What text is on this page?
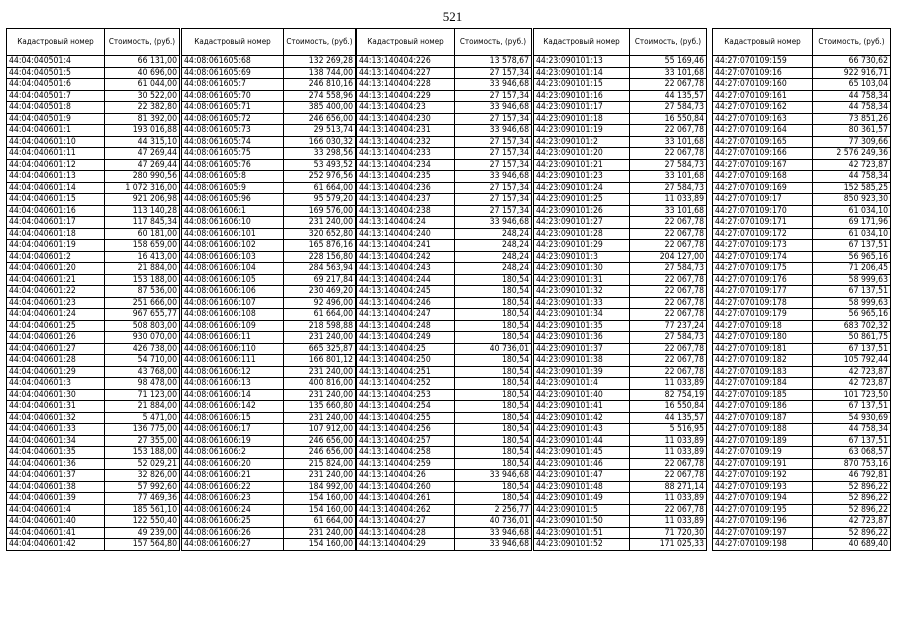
521
Кадастровый номер	Стоимость, (руб.)
44:04:040501:4	66 131,00
44:04:040501:5	40 696,00
44:04:040501:6	61 044,00
44:04:040501:7	30 522,00
44:04:040501:8	22 382,80
44:04:040501:9	81 392,00
44:04:040601:1	193 016,88
44:04:040601:10	44 315,10
44:04:040601:11	47 269,44
44:04:040601:12	47 269,44
44:04:040601:13	280 990,56
44:04:040601:14	1 072 316,00
44:04:040601:15	921 206,98
44:04:040601:16	113 140,28
44:04:040601:17	117 845,34
44:04:040601:18	60 181,00
44:04:040601:19	158 659,00
44:04:040601:2	16 413,00
44:04:040601:20	21 884,00
44:04:040601:21	153 188,00
44:04:040601:22	87 536,00
44:04:040601:23	251 666,00
44:04:040601:24	967 655,77
44:04:040601:25	508 803,00
44:04:040601:26	930 070,00
44:04:040601:27	426 738,00
44:04:040601:28	54 710,00
44:04:040601:29	43 768,00
44:04:040601:3	98 478,00
44:04:040601:30	71 123,00
44:04:040601:31	21 884,00
44:04:040601:32	5 471,00
44:04:040601:33	136 775,00
44:04:040601:34	27 355,00
44:04:040601:35	153 188,00
44:04:040601:36	52 029,21
44:04:040601:37	32 826,00
44:04:040601:38	57 992,60
44:04:040601:39	77 469,36
44:04:040601:4	185 561,10
44:04:040601:40	122 550,40
44:04:040601:41	49 239,00
44:04:040601:42	157 564,80
Кадастровый номер	Стоимость, (руб.)
44:08:061605:68	132 269,28
44:08:061605:69	138 744,00
44:08:061605:7	246 810,16
44:08:061605:70	274 558,96
44:08:061605:71	385 400,00
44:08:061605:72	246 656,00
44:08:061605:73	29 513,74
44:08:061605:74	166 030,32
44:08:061605:75	33 298,56
44:08:061605:76	53 493,52
44:08:061605:8	252 976,56
44:08:061605:9	61 664,00
44:08:061605:96	95 579,20
44:08:061606:1	169 576,00
44:08:061606:10	231 240,00
44:08:061606:101	320 652,80
44:08:061606:102	165 876,16
44:08:061606:103	228 156,80
44:08:061606:104	284 563,94
44:08:061606:105	69 217,84
44:08:061606:106	230 469,20
44:08:061606:107	92 496,00
44:08:061606:108	61 664,00
44:08:061606:109	218 598,88
44:08:061606:11	231 240,00
44:08:061606:110	665 325,87
44:08:061606:111	166 801,12
44:08:061606:12	231 240,00
44:08:061606:13	400 816,00
44:08:061606:14	231 240,00
44:08:061606:142	135 660,80
44:08:061606:15	231 240,00
44:08:061606:17	107 912,00
44:08:061606:19	246 656,00
44:08:061606:2	246 656,00
44:08:061606:20	215 824,00
44:08:061606:21	231 240,00
44:08:061606:22	184 992,00
44:08:061606:23	154 160,00
44:08:061606:24	154 160,00
44:08:061606:25	61 664,00
44:08:061606:26	231 240,00
44:08:061606:27	154 160,00
Кадастровый номер	Стоимость, (руб.)
44:13:140404:226	13 578,67
44:13:140404:227	27 157,34
44:13:140404:228	33 946,68
44:13:140404:229	27 157,34
44:13:140404:23	33 946,68
44:13:140404:230	27 157,34
44:13:140404:231	33 946,68
44:13:140404:232	27 157,34
44:13:140404:233	27 157,34
44:13:140404:234	27 157,34
44:13:140404:235	33 946,68
44:13:140404:236	27 157,34
44:13:140404:237	27 157,34
44:13:140404:238	27 157,34
44:13:140404:24	33 946,68
44:13:140404:240	248,24
44:13:140404:241	248,24
44:13:140404:242	248,24
44:13:140404:243	248,24
44:13:140404:244	180,54
44:13:140404:245	180,54
44:13:140404:246	180,54
44:13:140404:247	180,54
44:13:140404:248	180,54
44:13:140404:249	180,54
44:13:140404:25	40 736,01
44:13:140404:250	180,54
44:13:140404:251	180,54
44:13:140404:252	180,54
44:13:140404:253	180,54
44:13:140404:254	180,54
44:13:140404:255	180,54
44:13:140404:256	180,54
44:13:140404:257	180,54
44:13:140404:258	180,54
44:13:140404:259	180,54
44:13:140404:26	33 946,68
44:13:140404:260	180,54
44:13:140404:261	180,54
44:13:140404:262	2 256,77
44:13:140404:27	40 736,01
44:13:140404:28	33 946,68
44:13:140404:29	33 946,68
Кадастровый номер	Стоимость, (руб.)
44:23:090101:13	55 169,46
44:23:090101:14	33 101,68
44:23:090101:15	22 067,78
44:23:090101:16	44 135,57
44:23:090101:17	27 584,73
44:23:090101:18	16 550,84
44:23:090101:19	22 067,78
44:23:090101:2	33 101,68
44:23:090101:20	22 067,78
44:23:090101:21	27 584,73
44:23:090101:23	33 101,68
44:23:090101:24	27 584,73
44:23:090101:25	11 033,89
44:23:090101:26	33 101,68
44:23:090101:27	22 067,78
44:23:090101:28	22 067,78
44:23:090101:29	22 067,78
44:23:090101:3	204 127,00
44:23:090101:30	27 584,73
44:23:090101:31	22 067,78
44:23:090101:32	22 067,78
44:23:090101:33	22 067,78
44:23:090101:34	22 067,78
44:23:090101:35	77 237,24
44:23:090101:36	27 584,73
44:23:090101:37	22 067,78
44:23:090101:38	22 067,78
44:23:090101:39	22 067,78
44:23:090101:4	11 033,89
44:23:090101:40	82 754,19
44:23:090101:41	16 550,84
44:23:090101:42	44 135,57
44:23:090101:43	5 516,95
44:23:090101:44	11 033,89
44:23:090101:45	11 033,89
44:23:090101:46	22 067,78
44:23:090101:47	22 067,78
44:23:090101:48	88 271,14
44:23:090101:49	11 033,89
44:23:090101:5	22 067,78
44:23:090101:50	11 033,89
44:23:090101:51	71 720,30
44:23:090101:52	171 025,33
Кадастровый номер	Стоимость, (руб.)
44:27:070109:159	66 730,62
44:27:070109:16	922 916,71
44:27:070109:160	65 103,04
44:27:070109:161	44 758,34
44:27:070109:162	44 758,34
44:27:070109:163	73 851,26
44:27:070109:164	80 361,57
44:27:070109:165	77 309,66
44:27:070109:166	2 576 249,36
44:27:070109:167	42 723,87
44:27:070109:168	44 758,34
44:27:070109:169	152 585,25
44:27:070109:17	850 923,30
44:27:070109:170	61 034,10
44:27:070109:171	69 171,96
44:27:070109:172	61 034,10
44:27:070109:173	67 137,51
44:27:070109:174	56 965,16
44:27:070109:175	71 206,45
44:27:070109:176	58 999,63
44:27:070109:177	67 137,51
44:27:070109:178	58 999,63
44:27:070109:179	56 965,16
44:27:070109:18	683 702,32
44:27:070109:180	50 861,75
44:27:070109:181	67 137,51
44:27:070109:182	105 792,44
44:27:070109:183	42 723,87
44:27:070109:184	42 723,87
44:27:070109:185	101 723,50
44:27:070109:186	67 137,51
44:27:070109:187	54 930,69
44:27:070109:188	44 758,34
44:27:070109:189	67 137,51
44:27:070109:19	63 068,57
44:27:070109:191	870 753,16
44:27:070109:192	46 792,81
44:27:070109:193	52 896,22
44:27:070109:194	52 896,22
44:27:070109:195	52 896,22
44:27:070109:196	42 723,87
44:27:070109:197	52 896,22
44:27:070109:198	40 689,40
